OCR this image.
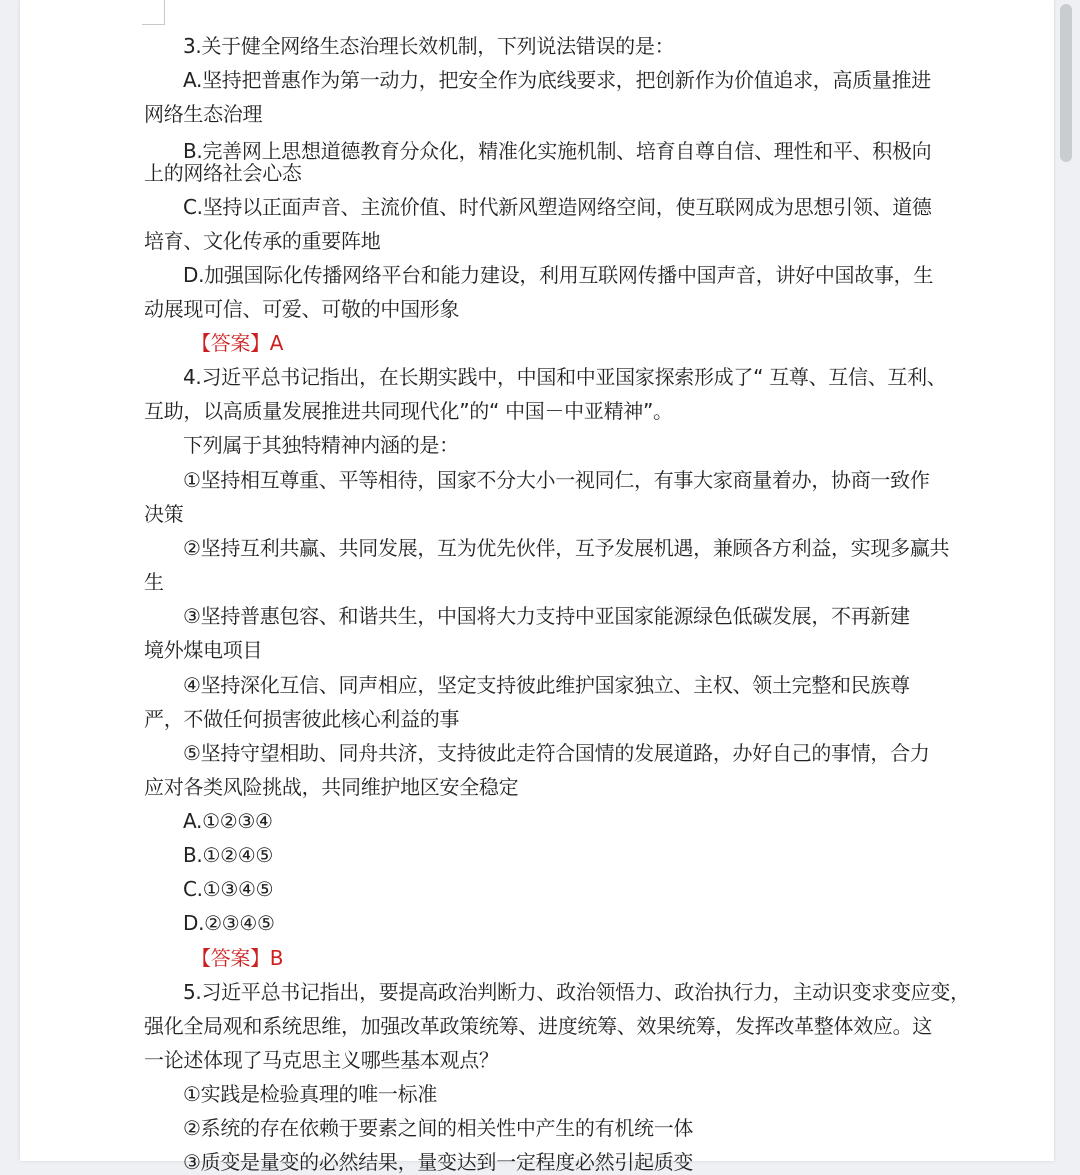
3.关于健全网络生态治理长效机制，下列说法错误的是：
A.坚持把普惠作为第一动力，把安全作为底线要求，把创新作为价值追求，高质量推进
网络生态治理
B.完善网上思想道德教育分众化，精准化实施机制、培育自尊自信、理性和平、积极向
上的网络社会心态
C.坚持以正面声音、主流价值、时代新风塑造网络空间，使互联网成为思想引领、道德
培育、文化传承的重要阵地
D.加强国际化传播网络平台和能力建设，利用互联网传播中国声音，讲好中国故事，生
动展现可信、可爱、可敬的中国形象
【答案】A
4.习近平总书记指出，在长期实践中，中国和中亚国家探索形成了“ 互尊、互信、互利、
互助，以高质量发展推进共同现代化”的“ 中国－中亚精神”。
下列属于其独特精神内涵的是：
①坚持相互尊重、平等相待，国家不分大小一视同仁，有事大家商量着办，协商一致作
决策
②坚持互利共赢、共同发展，互为优先伙伴，互予发展机遇，兼顾各方利益，实现多赢共
生
③坚持普惠包容、和谐共生，中国将大力支持中亚国家能源绿色低碳发展，不再新建
境外煤电项目
④坚持深化互信、同声相应，坚定支持彼此维护国家独立、主权、领土完整和民族尊
严，不做任何损害彼此核心利益的事
⑤坚持守望相助、同舟共济，支持彼此走符合国情的发展道路，办好自己的事情，合力
应对各类风险挑战，共同维护地区安全稳定
A.①②③④
B.①②④⑤
C.①③④⑤
D.②③④⑤
【答案】B
5.习近平总书记指出，要提高政治判断力、政治领悟力、政治执行力，主动识变求变应变，
强化全局观和系统思维，加强改革政策统筹、进度统筹、效果统筹，发挥改革整体效应。这
一论述体现了马克思主义哪些基本观点？
①实践是检验真理的唯一标准
②系统的存在依赖于要素之间的相关性中产生的有机统一体
③质变是量变的必然结果，量变达到一定程度必然引起质变
